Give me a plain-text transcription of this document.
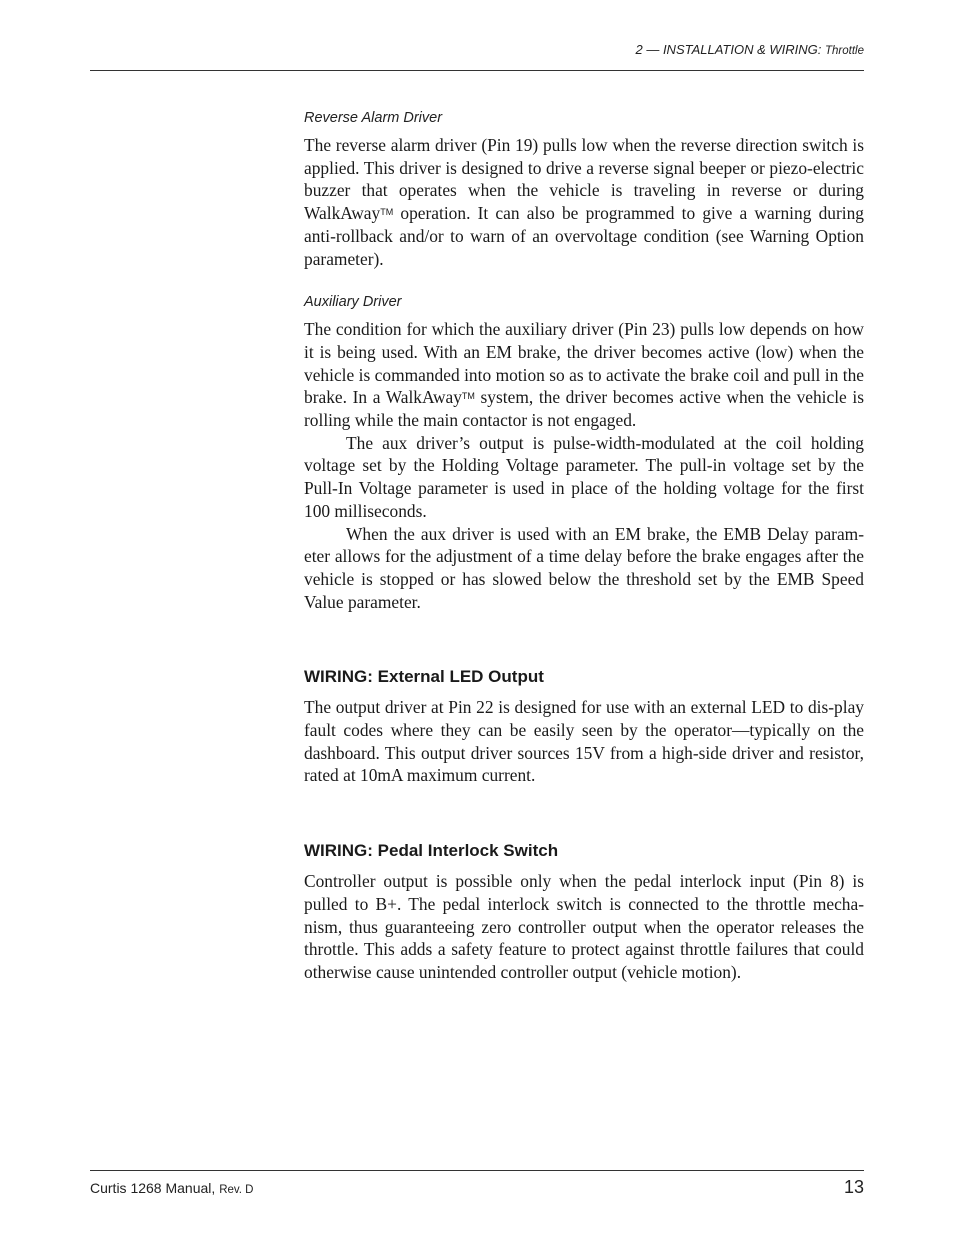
2 — INSTALLATION & WIRING: Throttle
Reverse Alarm Driver

The reverse alarm driver (Pin 19) pulls low when the reverse direction switch is applied. This driver is designed to drive a reverse signal beeper or piezo-electric buzzer that operates when the vehicle is traveling in reverse or during WalkAway™ operation. It can also be programmed to give a warning during anti-rollback and/or to warn of an overvoltage condition (see Warning Option parameter).

Auxiliary Driver

The condition for which the auxiliary driver (Pin 23) pulls low depends on how it is being used. With an EM brake, the driver becomes active (low) when the vehicle is commanded into motion so as to activate the brake coil and pull in the brake. In a WalkAway™ system, the driver becomes active when the vehicle is rolling while the main contactor is not engaged.

The aux driver’s output is pulse-width-modulated at the coil holding voltage set by the Holding Voltage parameter. The pull-in voltage set by the Pull-In Voltage parameter is used in place of the holding voltage for the first 100 milliseconds.

When the aux driver is used with an EM brake, the EMB Delay param-eter allows for the adjustment of a time delay before the brake engages after the vehicle is stopped or has slowed below the threshold set by the EMB Speed Value parameter.

WIRING: External LED Output

The output driver at Pin 22 is designed for use with an external LED to dis-play fault codes where they can be easily seen by the operator—typically on the dashboard. This output driver sources 15V from a high-side driver and resistor, rated at 10mA maximum current.

WIRING: Pedal Interlock Switch

Controller output is possible only when the pedal interlock input (Pin 8) is pulled to B+. The pedal interlock switch is connected to the throttle mecha-nism, thus guaranteeing zero controller output when the operator releases the throttle. This adds a safety feature to protect against throttle failures that could otherwise cause unintended controller output (vehicle motion).

Curtis 1268 Manual, Rev. D	13
